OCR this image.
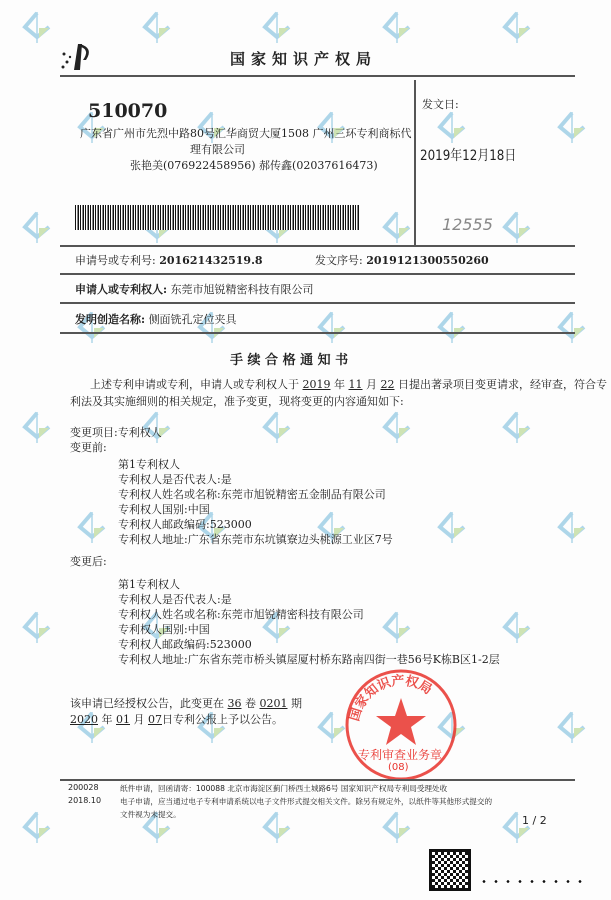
国家知识产权局
510070
广东省广州市先烈中路80号汇华商贸大厦1508 广州三环专利商标代
理有限公司
张艳美(076922458956) 郝传鑫(02037616473)
发文日:
2019年12月18日
12555
申请号或专利号: 201621432519.8	发文序号: 2019121300550260
申请人或专利权人: 东莞市旭锐精密科技有限公司
发明创造名称: 侧面铣孔定位夹具
手 续 合 格 通 知 书
上述专利申请或专利，申请人或专利权人于 2019 年 11 月 22 日提出著录项目变更请求，经审查，符合专
利法及其实施细则的相关规定，准予变更，现将变更的内容通知如下:
变更项目:专利权人
变更前:
第1专利权人
专利权人是否代表人:是
专利权人姓名或名称:东莞市旭锐精密五金制品有限公司
专利权人国别:中国
专利权人邮政编码:523000
专利权人地址:广东省东莞市东坑镇寮边头桃源工业区7号
变更后:
第1专利权人
专利权人是否代表人:是
专利权人姓名或名称:东莞市旭锐精密科技有限公司
专利权人国别:中国
专利权人邮政编码:523000
专利权人地址:广东省东莞市桥头镇屋厦村桥东路南四街一巷56号K栋B区1-2层
该申请已经授权公告，此变更在 36 卷 0201 期 2020 年 01 月 07日专利公报上予以公告。	国家知识产权局
专利审查业务章
(08)
200028
2018.10
纸件申请，回函请寄：100088 北京市海淀区蓟门桥西土城路6号 国家知识产权局专利局受理处收
电子申请，应当通过电子专利申请系统以电子文件形式提交相关文件。除另有规定外，以纸件等其他形式提交的
文件视为未提交。	1 / 2
